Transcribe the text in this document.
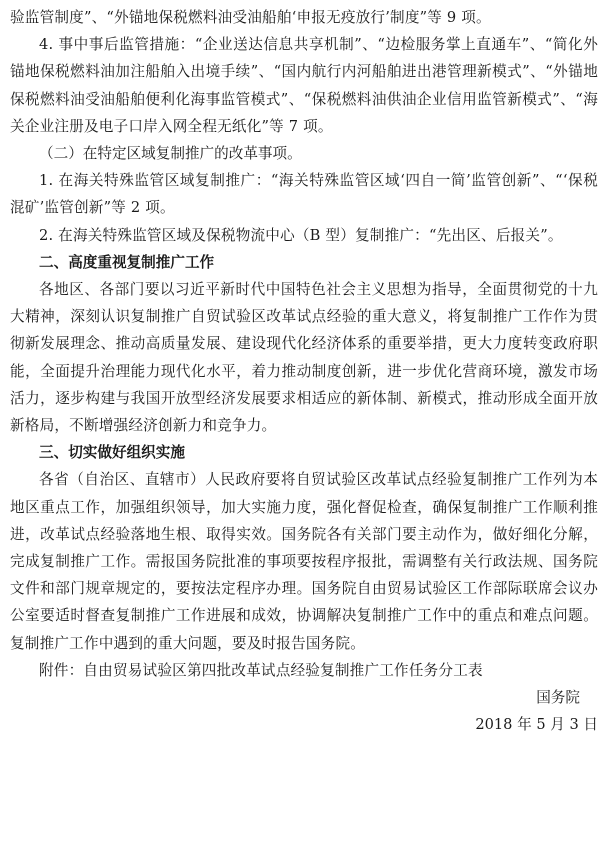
验监管制度”、“外锚地保税燃料油受油船舶‘申报无疫放行’制度”等 9 项。

4. 事中事后监管措施：“企业送达信息共享机制”、“边检服务掌上直通车”、“简化外锚地保税燃料油加注船舶入出境手续”、“国内航行内河船舶进出港管理新模式”、“外锚地保税燃料油受油船舶便利化海事监管模式”、“保税燃料油供油企业信用监管新模式”、“海关企业注册及电子口岸入网全程无纸化”等 7 项。

（二）在特定区域复制推广的改革事项。

1. 在海关特殊监管区域复制推广：“海关特殊监管区域‘四自一简’监管创新”、“‘保税混矿’监管创新”等 2 项。

2. 在海关特殊监管区域及保税物流中心（B 型）复制推广：“先出区、后报关”。

二、高度重视复制推广工作

各地区、各部门要以习近平新时代中国特色社会主义思想为指导，全面贯彻党的十九大精神，深刻认识复制推广自贸试验区改革试点经验的重大意义，将复制推广工作作为贯彻新发展理念、推动高质量发展、建设现代化经济体系的重要举措，更大力度转变政府职能，全面提升治理能力现代化水平，着力推动制度创新，进一步优化营商环境，激发市场活力，逐步构建与我国开放型经济发展要求相适应的新体制、新模式，推动形成全面开放新格局，不断增强经济创新力和竞争力。

三、切实做好组织实施

各省（自治区、直辖市）人民政府要将自贸试验区改革试点经验复制推广工作列为本地区重点工作，加强组织领导，加大实施力度，强化督促检查，确保复制推广工作顺利推进，改革试点经验落地生根、取得实效。国务院各有关部门要主动作为，做好细化分解，完成复制推广工作。需报国务院批准的事项要按程序报批，需调整有关行政法规、国务院文件和部门规章规定的，要按法定程序办理。国务院自由贸易试验区工作部际联席会议办公室要适时督查复制推广工作进展和成效，协调解决复制推广工作中的重点和难点问题。复制推广工作中遇到的重大问题，要及时报告国务院。

附件：自由贸易试验区第四批改革试点经验复制推广工作任务分工表

国务院

2018 年 5 月 3 日
